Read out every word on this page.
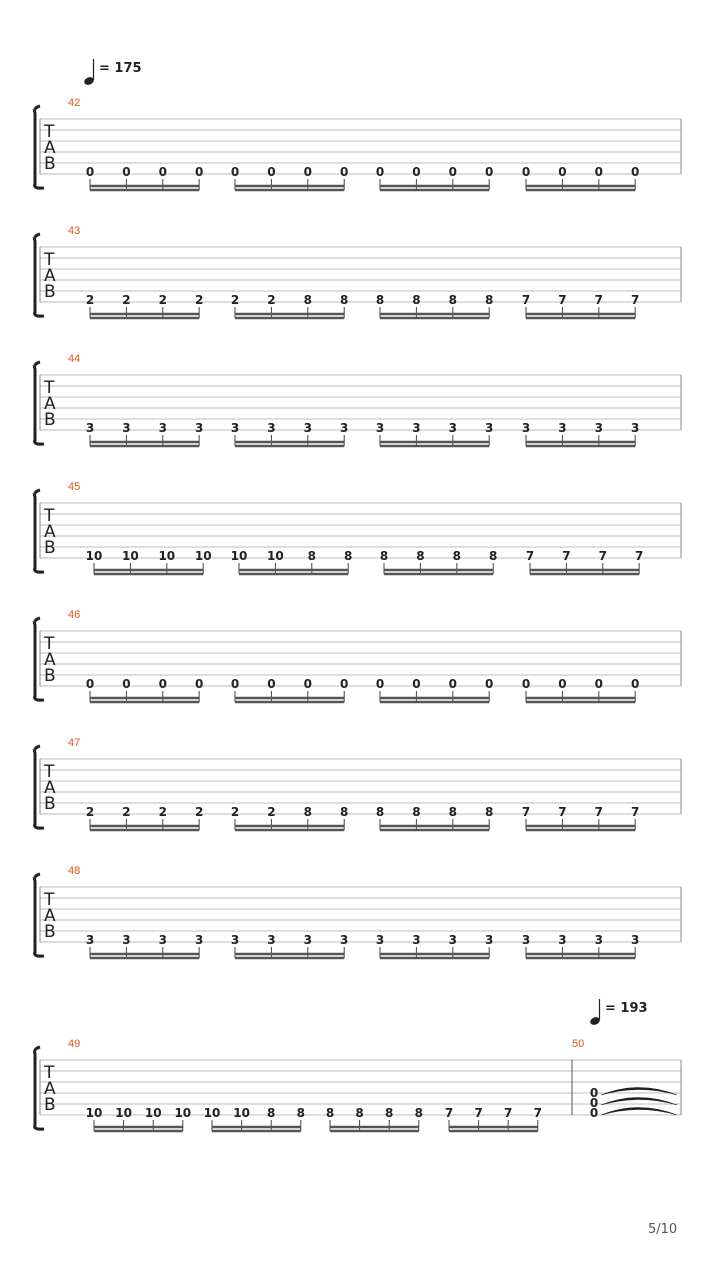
T
A
B
42
0 0 0 0 0 0 0 0 0 0 0 0 0 0 0 0
T
A
B
43
2 2 2 2 2 2 8 8 8 8 8 8 7 7 7 7
T
A
B
44
3 3 3 3 3 3 3 3 3 3 3 3 3 3 3 3
T
A
B
45
10 10 10 10 10 10 8 8 8 8 8 8 7 7 7 7
T
A
B
46
0 0 0 0 0 0 0 0 0 0 0 0 0 0 0 0
T
A
B
47
2 2 2 2 2 2 8 8 8 8 8 8 7 7 7 7
T
A
B
48
3 3 3 3 3 3 3 3 3 3 3 3 3 3 3 3
T
A
B
49
10 10 10 10 10 10 8 8 8 8 8 8 7 7 7 7
50
0
0
0
= 175
= 193
5/10
